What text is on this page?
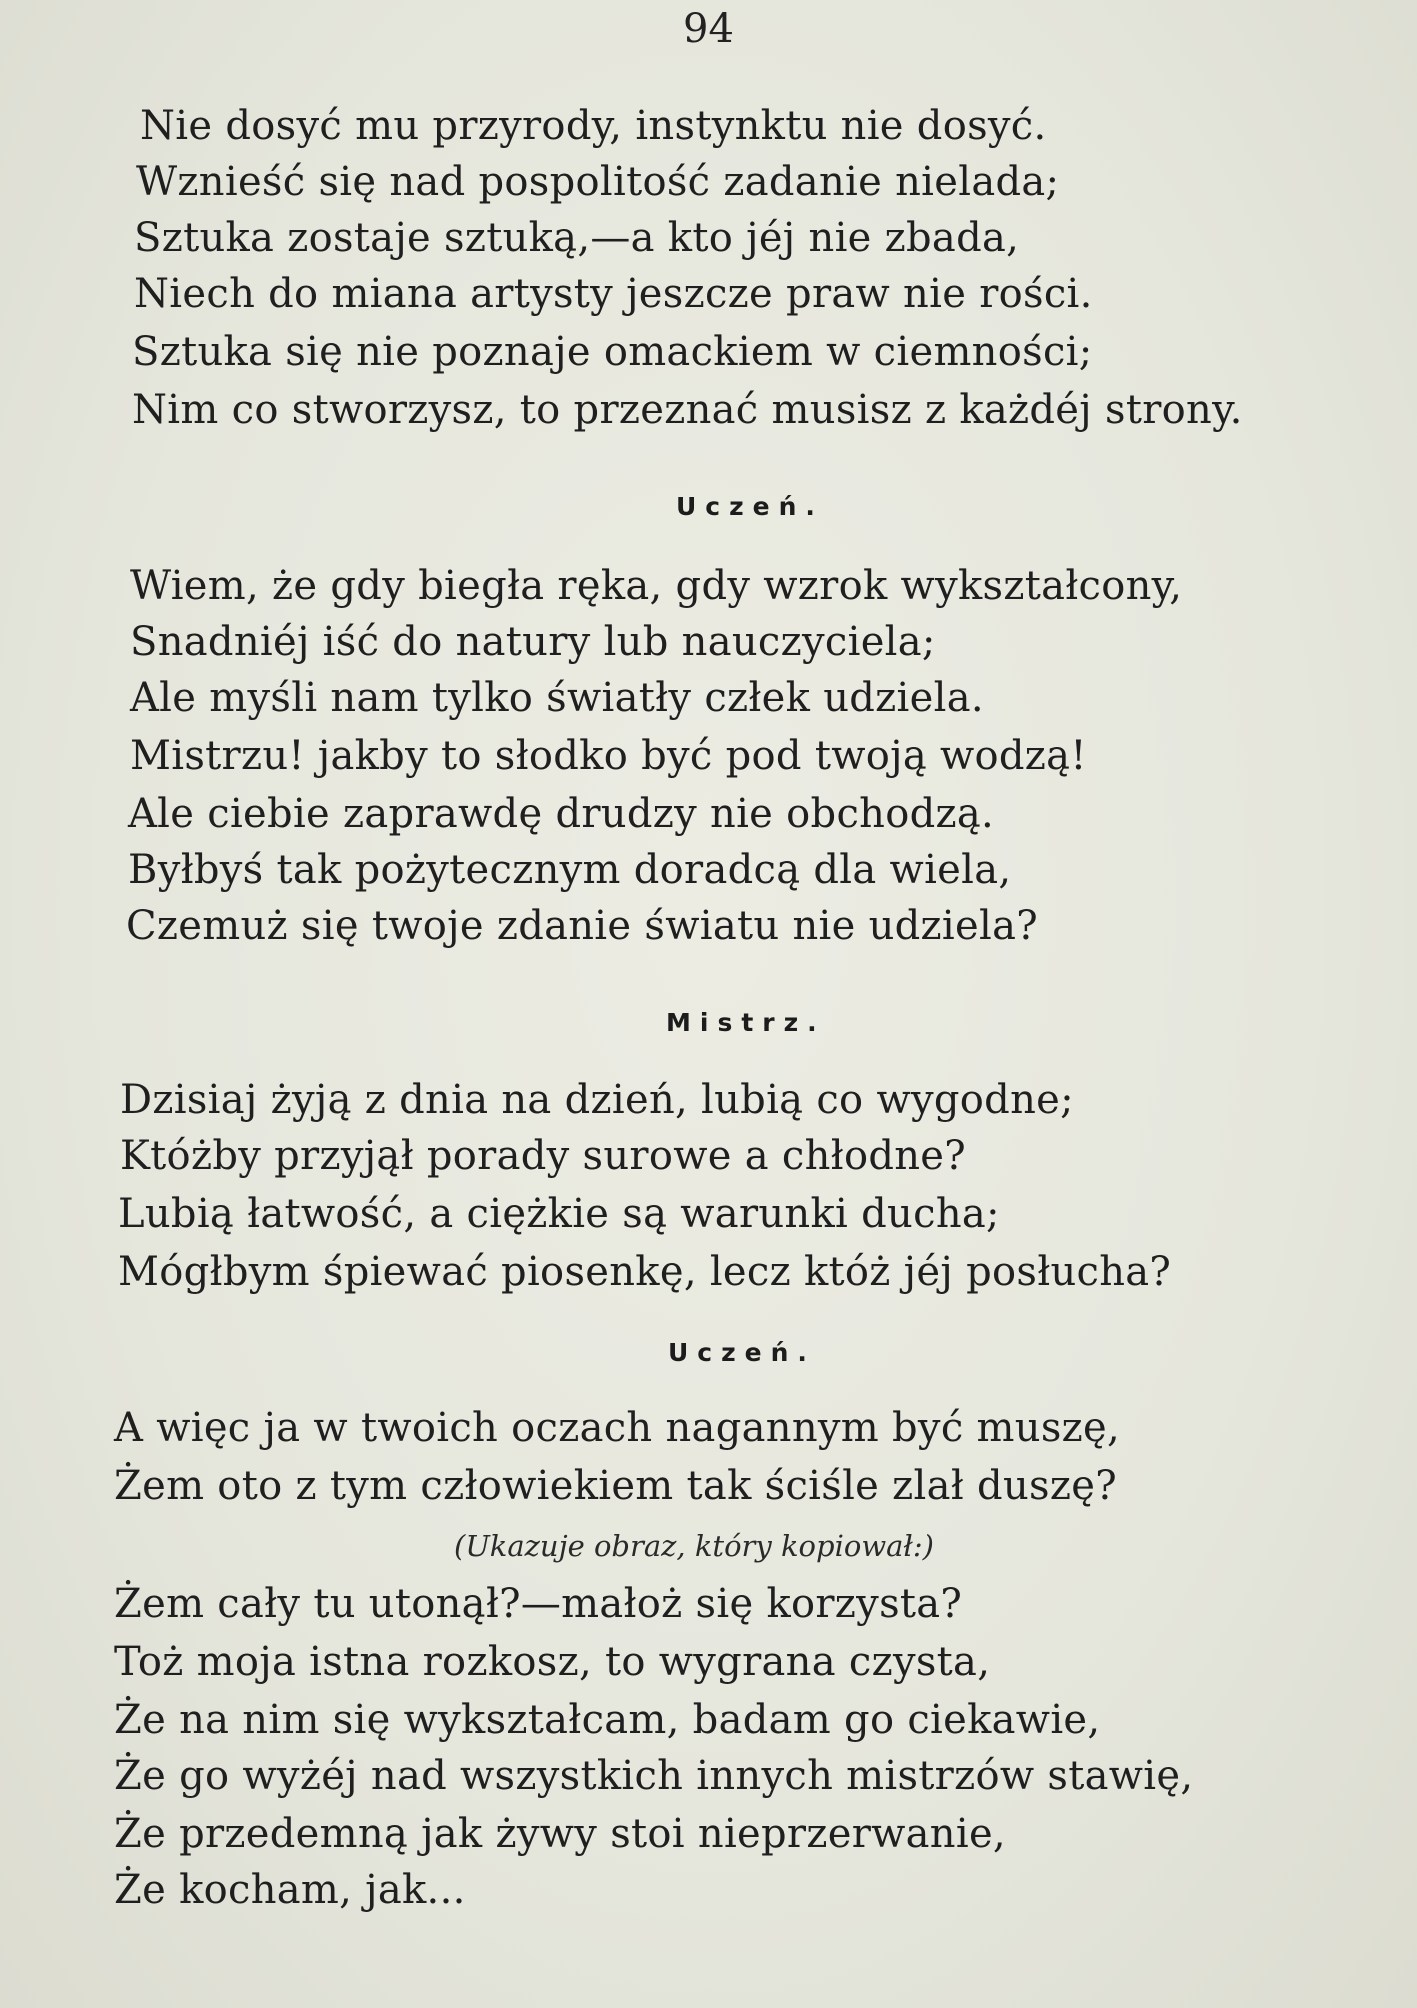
94
Nie dosyć mu przyrody, instynktu nie dosyć.
Wznieść się nad pospolitość zadanie nielada;
Sztuka zostaje sztuką,—a kto jéj nie zbada,
Niech do miana artysty jeszcze praw nie rości.
Sztuka się nie poznaje omackiem w ciemności;
Nim co stworzysz, to przeznać musisz z każdéj strony.
Uczeń.
Wiem, że gdy biegła ręka, gdy wzrok wykształcony,
Snadniéj iść do natury lub nauczyciela;
Ale myśli nam tylko światły człek udziela.
Mistrzu! jakby to słodko być pod twoją wodzą!
Ale ciebie zaprawdę drudzy nie obchodzą.
Byłbyś tak pożytecznym doradcą dla wiela,
Czemuż się twoje zdanie światu nie udziela?
Mistrz.
Dzisiaj żyją z dnia na dzień, lubią co wygodne;
Któżby przyjął porady surowe a chłodne?
Lubią łatwość, a ciężkie są warunki ducha;
Mógłbym śpiewać piosenkę, lecz któż jéj posłucha?
Uczeń.
A więc ja w twoich oczach nagannym być muszę,
Żem oto z tym człowiekiem tak ściśle zlał duszę?
(Ukazuje obraz, który kopiował:)
Żem cały tu utonął?—małoż się korzysta?
Toż moja istna rozkosz, to wygrana czysta,
Że na nim się wykształcam, badam go ciekawie,
Że go wyżéj nad wszystkich innych mistrzów stawię,
Że przedemną jak żywy stoi nieprzerwanie,
Że kocham, jak...
